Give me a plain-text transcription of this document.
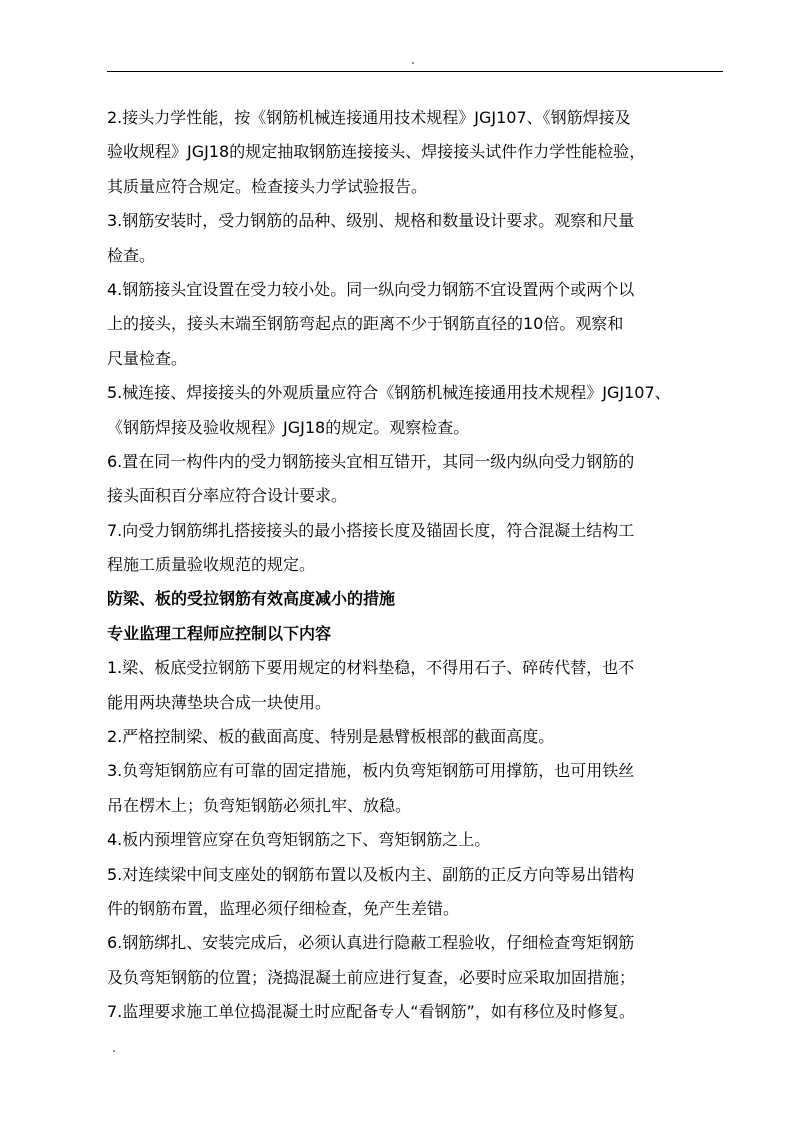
2.接头力学性能，按《钢筋机械连接通用技术规程》JGJ107、《钢筋焊接及

验收规程》JGJ18的规定抽取钢筋连接接头、焊接接头试件作力学性能检验，

其质量应符合规定。检查接头力学试验报告。

3.钢筋安装时，受力钢筋的品种、级别、规格和数量设计要求。观察和尺量

检查。

4.钢筋接头宜设置在受力较小处。同一纵向受力钢筋不宜设置两个或两个以

上的接头，接头末端至钢筋弯起点的距离不少于钢筋直径的10倍。观察和

尺量检查。

5.械连接、焊接接头的外观质量应符合《钢筋机械连接通用技术规程》JGJ107、

《钢筋焊接及验收规程》JGJ18的规定。观察检查。

6.置在同一构件内的受力钢筋接头宜相互错开，其同一级内纵向受力钢筋的

接头面积百分率应符合设计要求。

7.向受力钢筋绑扎搭接接头的最小搭接长度及锚固长度，符合混凝土结构工

程施工质量验收规范的规定。

防梁、板的受拉钢筋有效高度减小的措施

专业监理工程师应控制以下内容

1.梁、板底受拉钢筋下要用规定的材料垫稳，不得用石子、碎砖代替，也不

能用两块薄垫块合成一块使用。

2.严格控制梁、板的截面高度、特别是悬臂板根部的截面高度。

3.负弯矩钢筋应有可靠的固定措施，板内负弯矩钢筋可用撑筋，也可用铁丝

吊在楞木上；负弯矩钢筋必须扎牢、放稳。

4.板内预埋管应穿在负弯矩钢筋之下、弯矩钢筋之上。

5.对连续梁中间支座处的钢筋布置以及板内主、副筋的正反方向等易出错构

件的钢筋布置，监理必须仔细检查，免产生差错。

6.钢筋绑扎、安装完成后，必须认真进行隐蔽工程验收，仔细检查弯矩钢筋

及负弯矩钢筋的位置；浇捣混凝土前应进行复查，必要时应采取加固措施；

7.监理要求施工单位捣混凝土时应配备专人“看钢筋”，如有移位及时修复。
